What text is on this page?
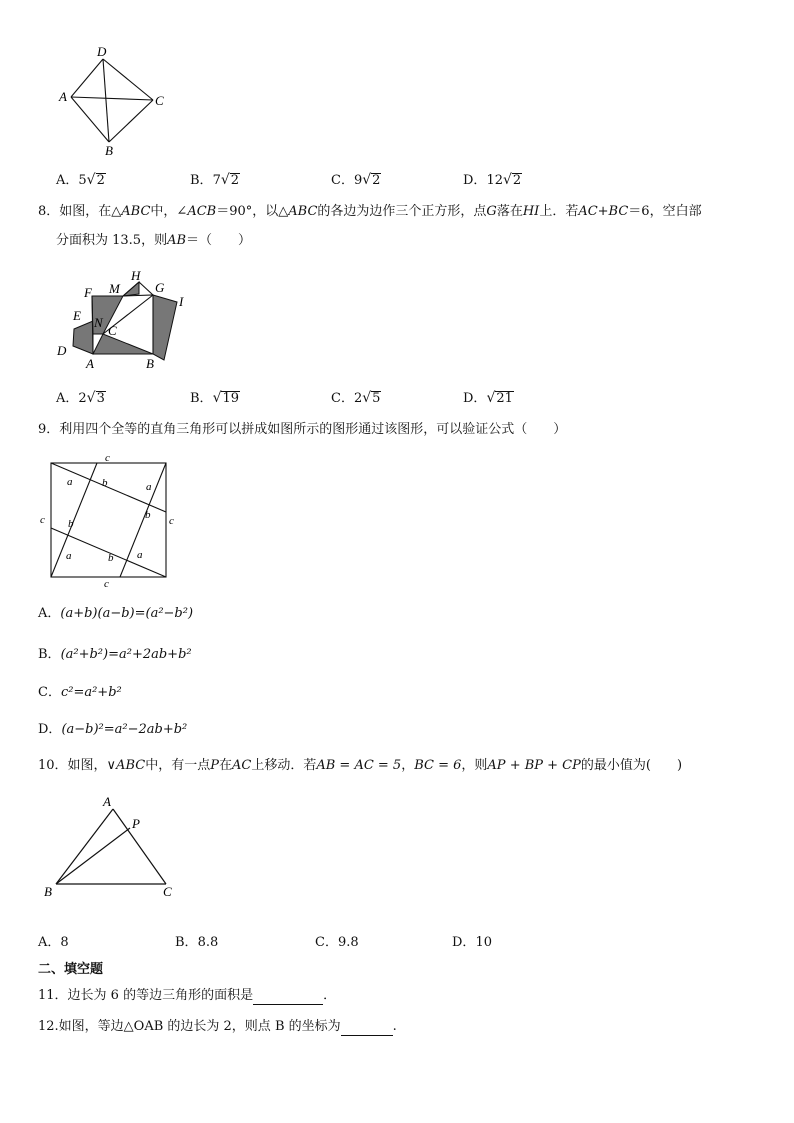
D
A	C
B
A．5√2	B．7√2	C．9√2	D．12√2
8．如图，在△ABC中，∠ACB＝90°，以△ABC的各边为边作三个正方形，点G落在HI上．若AC+BC＝6，空白部
分面积为 13.5，则AB＝（　　）
H
M	G
F
I
E N
C
D
A	B
A．2√3	B．√19	C．2√5	D．√21
9．利用四个全等的直角三角形可以拼成如图所示的图形通过该图形，可以验证公式（　　）
c
c
c	c
a	a
a	a
b
b
b
b
A．(a+b)(a−b)=(a²−b²)
B．(a²+b²)=a²+2ab+b²
C．c²=a²+b²
D．(a−b)²=a²−2ab+b²
10．如图，∨ABC中，有一点P在AC上移动．若AB = AC = 5，BC = 6，则AP + BP + CP的最小值为(　　)
A
P
B	C
A．8	B．8.8	C．9.8	D．10
二、填空题
11．边长为 6 的等边三角形的面积是	．
12.如图，等边△OAB 的边长为 2，则点 B 的坐标为	.
